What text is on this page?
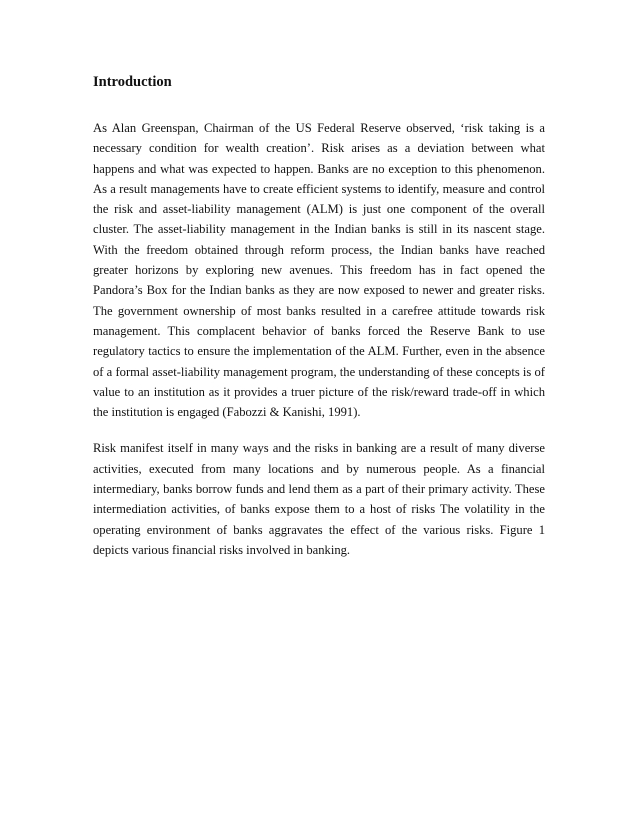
Introduction

As Alan Greenspan, Chairman of the US Federal Reserve observed, ‘risk taking is a necessary condition for wealth creation’. Risk arises as a deviation between what happens and what was expected to happen. Banks are no exception to this phenomenon. As a result managements have to create efficient systems to identify, measure and control the risk and asset-liability management (ALM) is just one component of the overall cluster. The asset-liability management in the Indian banks is still in its nascent stage. With the freedom obtained through reform process, the Indian banks have reached greater horizons by exploring new avenues. This freedom has in fact opened the Pandora’s Box for the Indian banks as they are now exposed to newer and greater risks. The government ownership of most banks resulted in a carefree attitude towards risk management. This complacent behavior of banks forced the Reserve Bank to use regulatory tactics to ensure the implementation of the ALM. Further, even in the absence of a formal asset-liability management program, the understanding of these concepts is of value to an institution as it provides a truer picture of the risk/reward trade-off in which the institution is engaged (Fabozzi & Kanishi, 1991).

Risk manifest itself in many ways and the risks in banking are a result of many diverse activities, executed from many locations and by numerous people. As a financial intermediary, banks borrow funds and lend them as a part of their primary activity. These intermediation activities, of banks expose them to a host of risks The volatility in the operating environment of banks aggravates the effect of the various risks. Figure 1 depicts various financial risks involved in banking.
